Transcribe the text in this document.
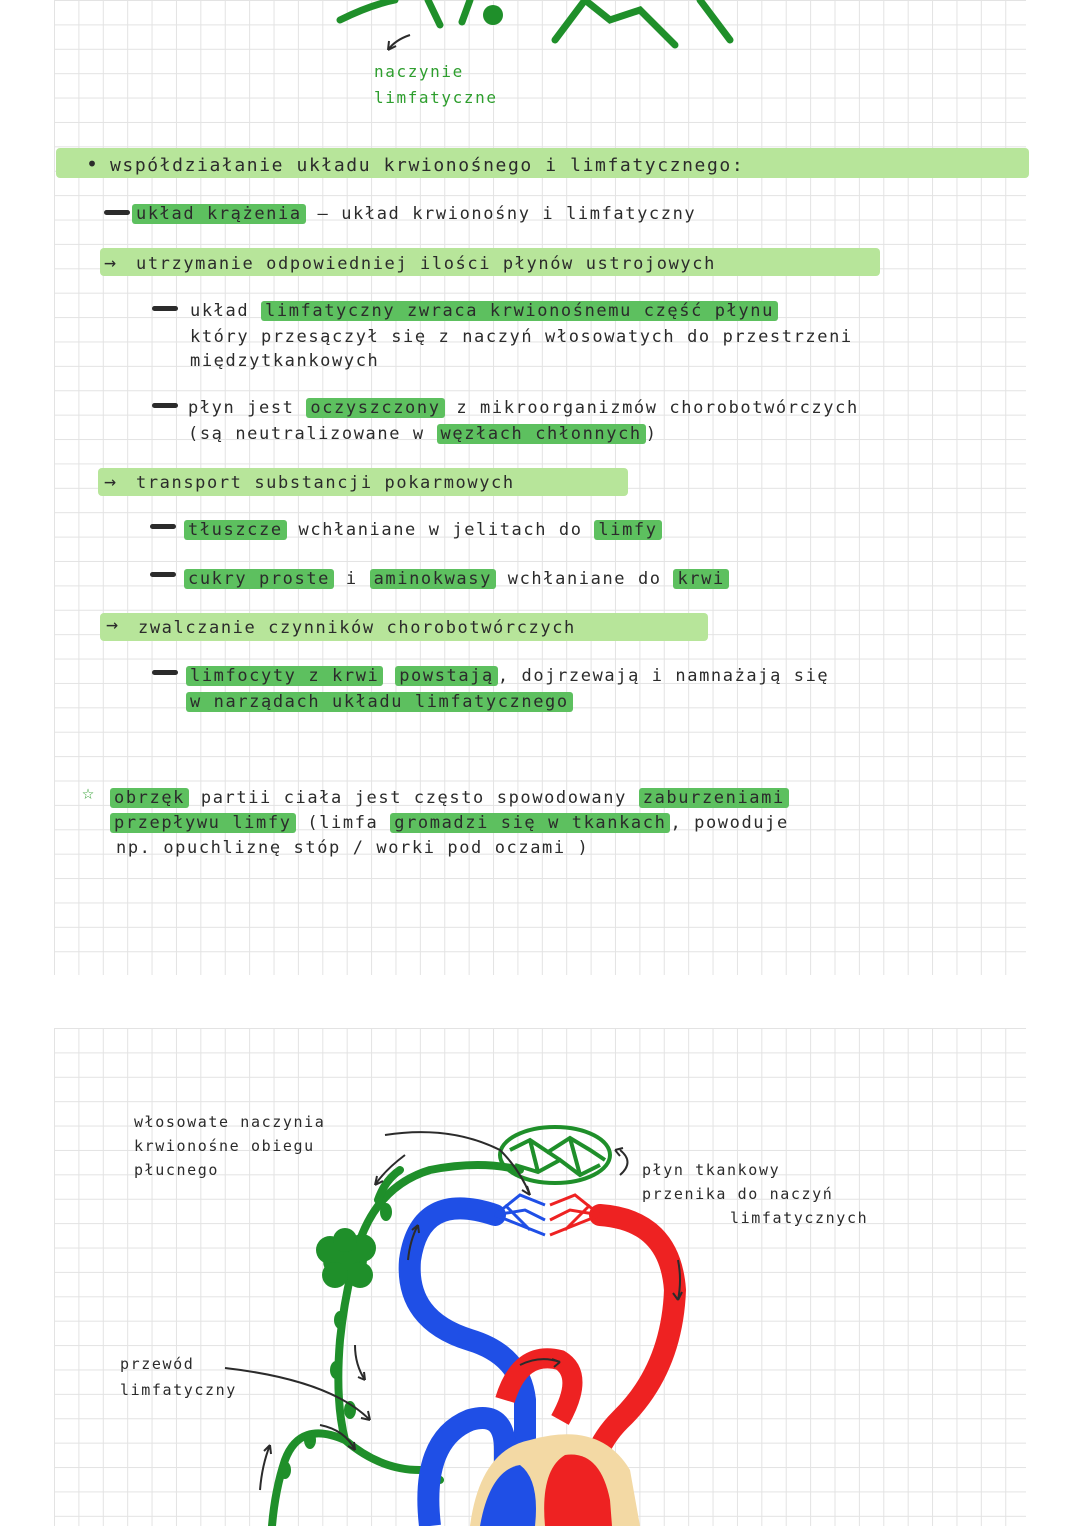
naczynie
limfatyczne
• współdziałanie układu krwionośnego i limfatycznego:
układ krążenia — układ krwionośny i limfatyczny
→ utrzymanie odpowiedniej ilości płynów ustrojowych
układ limfatyczny zwraca krwionośnemu część płynu
który przesączył się z naczyń włosowatych do przestrzeni
międzytkankowych
płyn jest oczyszczony z mikroorganizmów chorobotwórczych
(są neutralizowane w węzłach chłonnych )
→ transport substancji pokarmowych
tłuszcze wchłaniane w jelitach do limfy
cukry proste i aminokwasy wchłaniane do krwi
→ zwalczanie czynników chorobotwórczych
limfocyty z krwi powstają , dojrzewają i namnażają się
w narządach układu limfatycznego
☆ obrzęk partii ciała jest często spowodowany zaburzeniami
przepływu limfy (limfa gromadzi się w tkankach , powoduje
np. opuchliznę stóp / worki pod oczami )
włosowate naczynia
krwionośne obiegu
płucnego	płyn tkankowy
przenika do naczyń
limfatycznych
przewód
limfatyczny
